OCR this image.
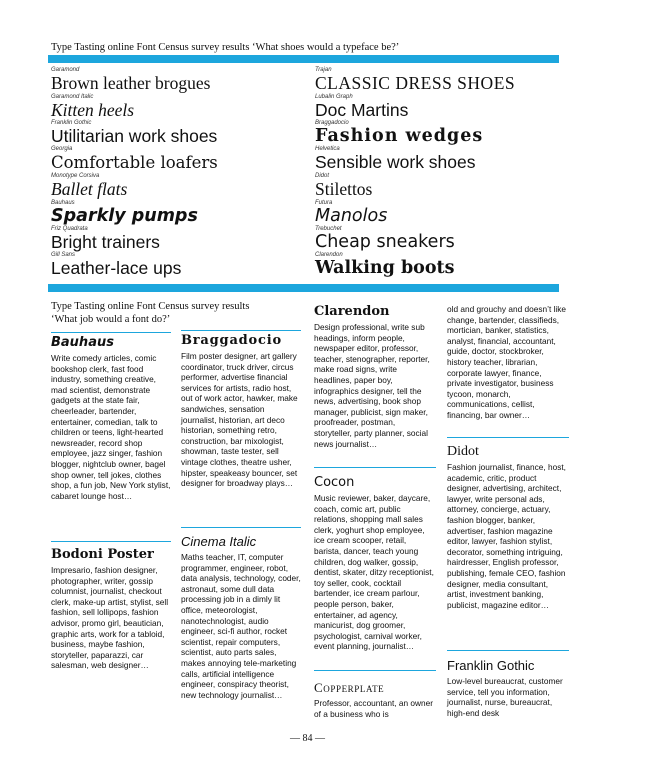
Type Tasting online Font Census survey results ‘What shoes would a typeface be?’
Garamond
Brown leather brogues
Garamond Italic
Kitten heels
Franklin Gothic
Utilitarian work shoes
Georgia
Comfortable loafers
Monotype Corsiva
Ballet flats
Bauhaus
Sparkly pumps
Friz Quadrata
Bright trainers
Gill Sans
Leather-lace ups
Trajan
CLASSIC DRESS SHOES
Lubalin Graph
Doc Martins
Braggadocio
Fashion wedges
Helvetica
Sensible work shoes
Didot
Stilettos
Futura
Manolos
Trebuchet
Cheap sneakers
Clarendon
Walking boots
Type Tasting online Font Census survey results
‘What job would a font do?’
Bauhaus
Write comedy articles, comic bookshop clerk, fast food industry, something creative, mad scientist, demonstrate gadgets at the state fair, cheerleader, bartender, entertainer, comedian, talk to children or teens, light-hearted newsreader, record shop employee, jazz singer, fashion blogger, nightclub owner, bagel shop owner, tell jokes, clothes shop, a fun job, New York stylist, cabaret lounge host…
Bodoni Poster
Impresario, fashion designer, photographer, writer, gossip columnist, journalist, checkout clerk, make-up artist, stylist, sell fashion, sell lollipops, fashion advisor, promo girl, beautician, graphic arts, work for a tabloid, business, maybe fashion, storyteller, paparazzi, car salesman, web designer…
Braggadocio
Film poster designer, art gallery coordinator, truck driver, circus performer, advertise financial services for artists, radio host, out of work actor, hawker, make sandwiches, sensation journalist, historian, art deco historian, something retro, construction, bar mixologist, showman, taste tester, sell vintage clothes, theatre usher, hipster, speakeasy bouncer, set designer for broadway plays…
Cinema Italic
Maths teacher, IT, computer programmer, engineer, robot, data analysis, technology, coder, astronaut, some dull data processing job in a dimly lit office, meteorologist, nanotechnologist, audio engineer, sci-fi author, rocket scientist, repair computers, scientist, auto parts sales, makes annoying tele-marketing calls, artificial intelligence engineer, conspiracy theorist, new technology journalist…
Clarendon
Design professional, write sub headings, inform people, newspaper editor, professor, teacher, stenographer, reporter, make road signs, write headlines, paper boy, infographics designer, tell the news, advertising, book shop manager, publicist, sign maker, proofreader, postman, storyteller, party planner, social news journalist…
Cocon
Music reviewer, baker, daycare, coach, comic art, public relations, shopping mall sales clerk, yoghurt shop employee, ice cream scooper, retail, barista, dancer, teach young children, dog walker, gossip, dentist, skater, ditzy receptionist, toy seller, cook, cocktail bartender, ice cream parlour, people person, baker, entertainer, ad agency, manicurist, dog groomer, psychologist, carnival worker, event planning, journalist…
Copperplate
Professor, accountant, an owner of a business who is
old and grouchy and doesn’t like change, bartender, classifieds, mortician, banker, statistics, analyst, financial, accountant, guide, doctor, stockbroker, history teacher, librarian, corporate lawyer, finance, private investigator, business tycoon, monarch, communications, cellist, financing, bar owner…
Didot
Fashion journalist, finance, host, academic, critic, product designer, advertising, architect, lawyer, write personal ads, attorney, concierge, actuary, fashion blogger, banker, advertiser, fashion magazine editor, lawyer, fashion stylist, decorator, something intriguing, hairdresser, English professor, publishing, female CEO, fashion designer, media consultant, artist, investment banking, publicist, magazine editor…
Franklin Gothic
Low-level bureaucrat, customer service, tell you information, journalist, nurse, bureaucrat, high-end desk
— 84 —
